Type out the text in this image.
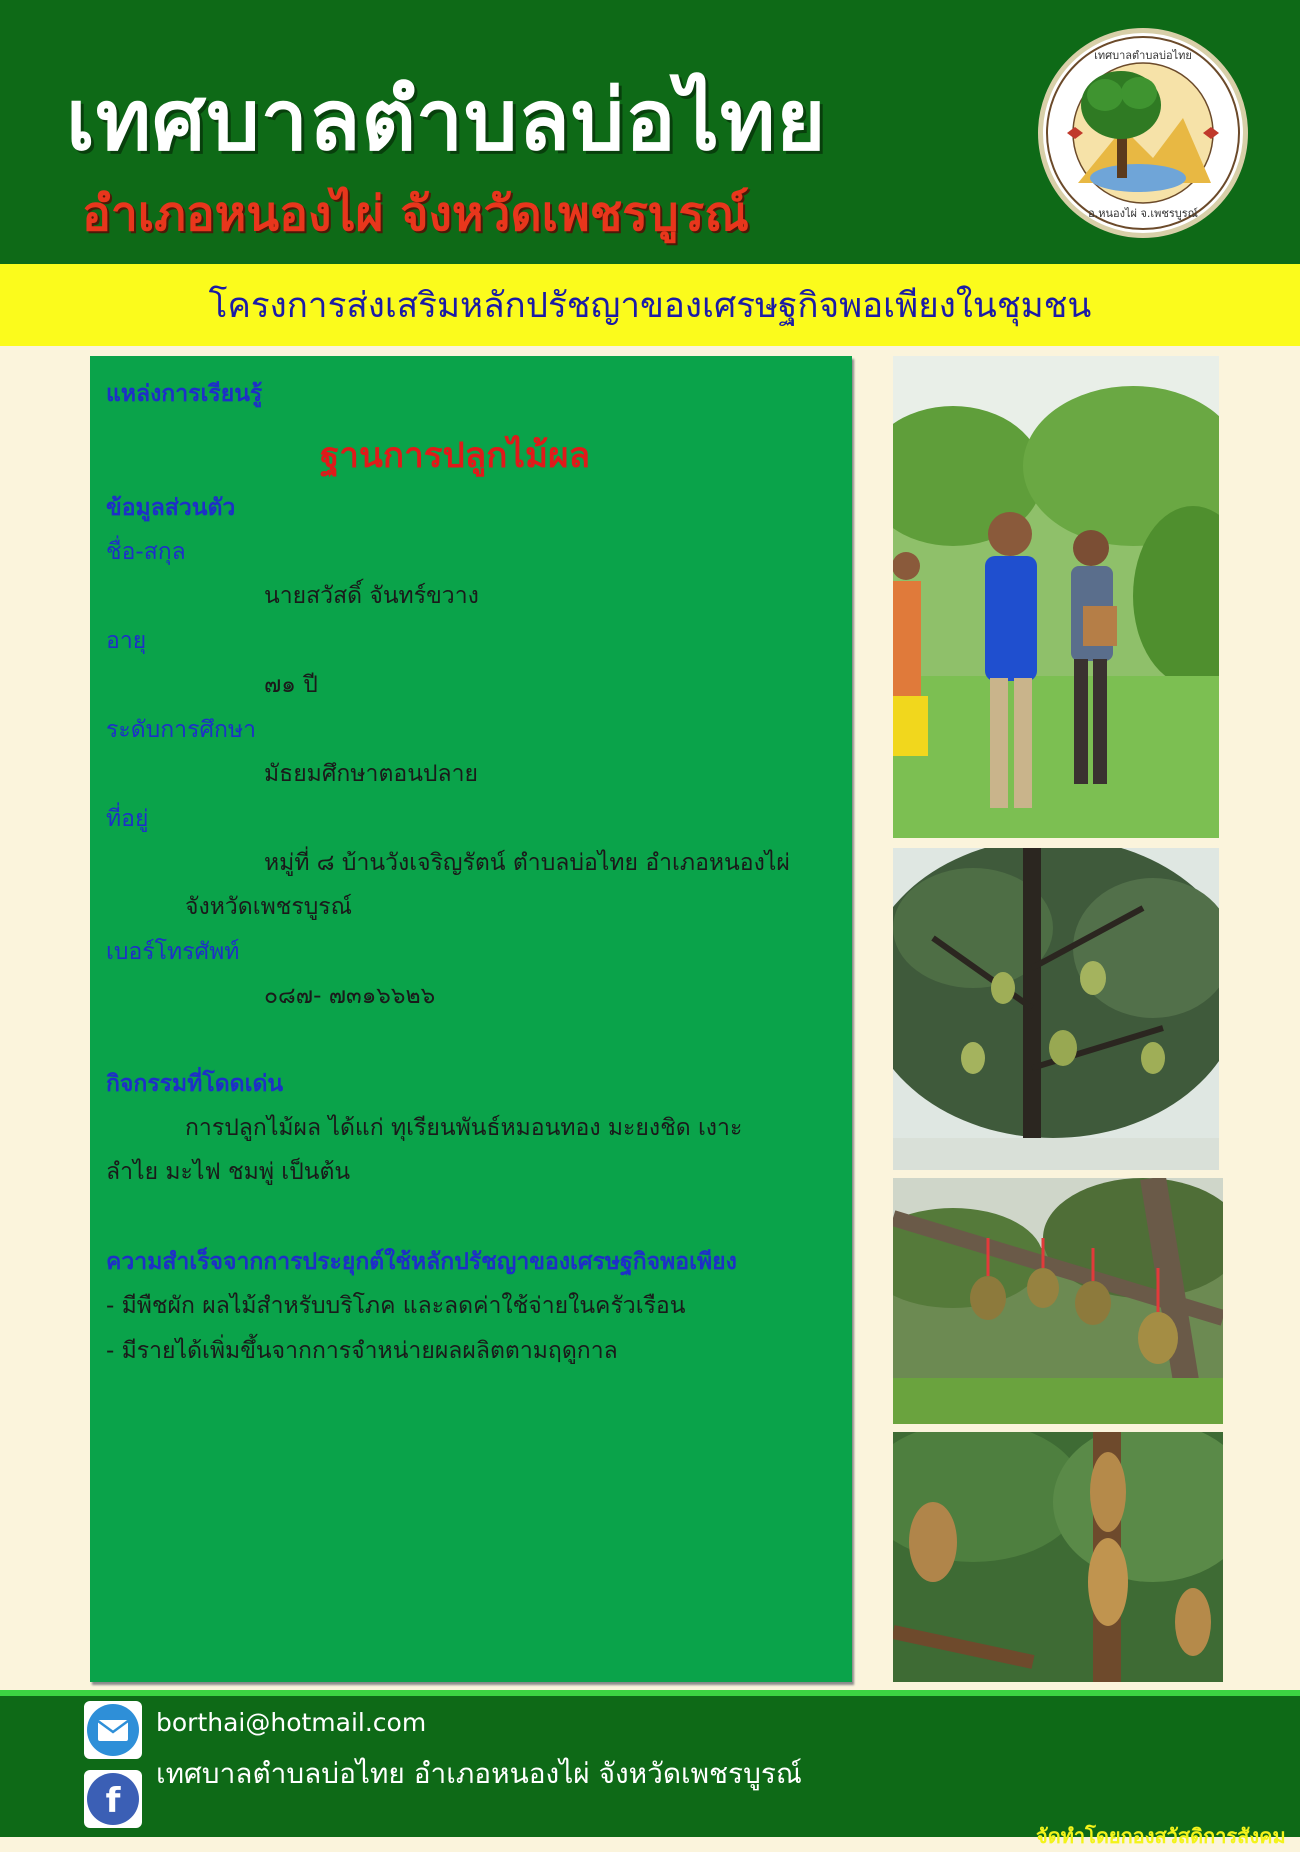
เทศบาลตำบลบ่อไทย
อำเภอหนองไผ่ จังหวัดเพชรบูรณ์
เทศบาลตำบลบ่อไทย
อ.หนองไผ่ จ.เพชรบูรณ์
โครงการส่งเสริมหลักปรัชญาของเศรษฐกิจพอเพียงในชุมชน
แหล่งการเรียนรู้
ฐานการปลูกไม้ผล
ข้อมูลส่วนตัว
ชื่อ-สกุล
นายสวัสดิ์ จันทร์ขวาง
อายุ
๗๑ ปี
ระดับการศึกษา
มัธยมศึกษาตอนปลาย
ที่อยู่
หมู่ที่ ๘ บ้านวังเจริญรัตน์ ตำบลบ่อไทย อำเภอหนองไผ่
จังหวัดเพชรบูรณ์
เบอร์โทรศัพท์
๐๘๗- ๗๓๑๖๖๒๖
กิจกรรมที่โดดเด่น
การปลูกไม้ผล ได้แก่ ทุเรียนพันธ์หมอนทอง มะยงชิด เงาะ
ลำไย มะไฟ ชมพู่ เป็นต้น
ความสำเร็จจากการประยุกต์ใช้หลักปรัชญาของเศรษฐกิจพอเพียง
- มีพืชผัก ผลไม้สำหรับบริโภค และลดค่าใช้จ่ายในครัวเรือน
- มีรายได้เพิ่มขึ้นจากการจำหน่ายผลผลิตตามฤดูกาล
borthai@hotmail.com
f
เทศบาลตำบลบ่อไทย อำเภอหนองไผ่ จังหวัดเพชรบูรณ์
จัดทำโดยกองสวัสดิการสังคม
